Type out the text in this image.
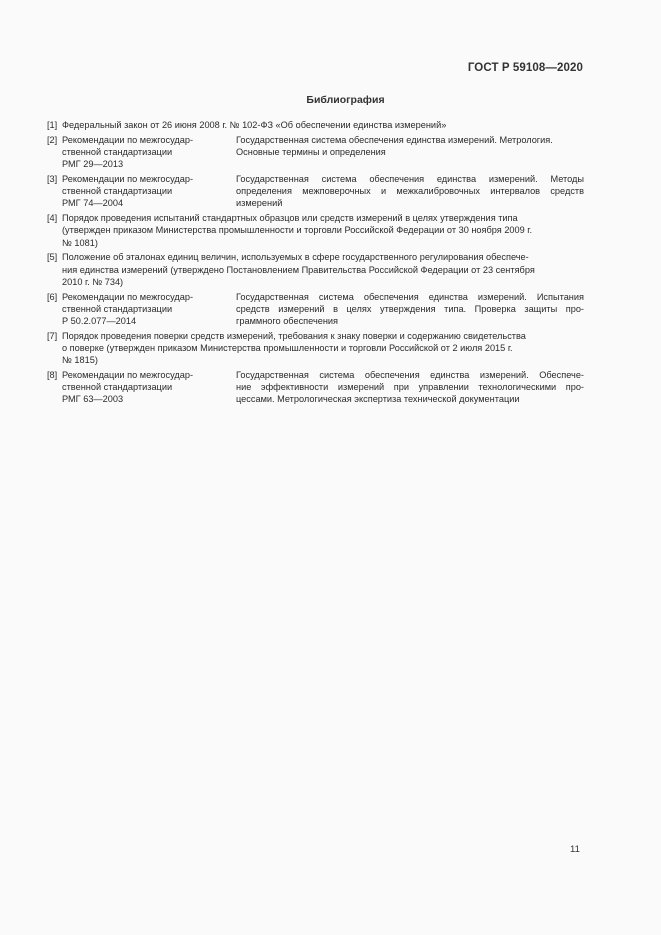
ГОСТ Р 59108—2020
Библиография
[1] Федеральный закон от 26 июня 2008 г. № 102-ФЗ «Об обеспечении единства измерений»
[2] Рекомендации по межгосудар-
ственной стандартизации
РМГ 29—2013
Государственная система обеспечения единства измерений. Метрология.
Основные термины и определения
[3] Рекомендации по межгосудар-
ственной стандартизации
РМГ 74—2004
Государственная система обеспечения единства измерений. Методы
определения межповерочных и межкалибровочных интервалов средств
измерений
[4] Порядок проведения испытаний стандартных образцов или средств измерений в целях утверждения типа
(утвержден приказом Министерства промышленности и торговли Российской Федерации от 30 ноября 2009 г.
№ 1081)
[5] Положение об эталонах единиц величин, используемых в сфере государственного регулирования обеспече-
ния единства измерений (утверждено Постановлением Правительства Российской Федерации от 23 сентября
2010 г. № 734)
[6] Рекомендации по межгосудар-
ственной стандартизации
Р 50.2.077—2014
Государственная система обеспечения единства измерений. Испытания
средств измерений в целях утверждения типа. Проверка защиты про-
граммного обеспечения
[7] Порядок проведения поверки средств измерений, требования к знаку поверки и содержанию свидетельства
о поверке (утвержден приказом Министерства промышленности и торговли Российской от 2 июля 2015 г.
№ 1815)
[8] Рекомендации по межгосудар-
ственной стандартизации
РМГ 63—2003
Государственная система обеспечения единства измерений. Обеспече-
ние эффективности измерений при управлении технологическими про-
цессами. Метрологическая экспертиза технической документации
11
